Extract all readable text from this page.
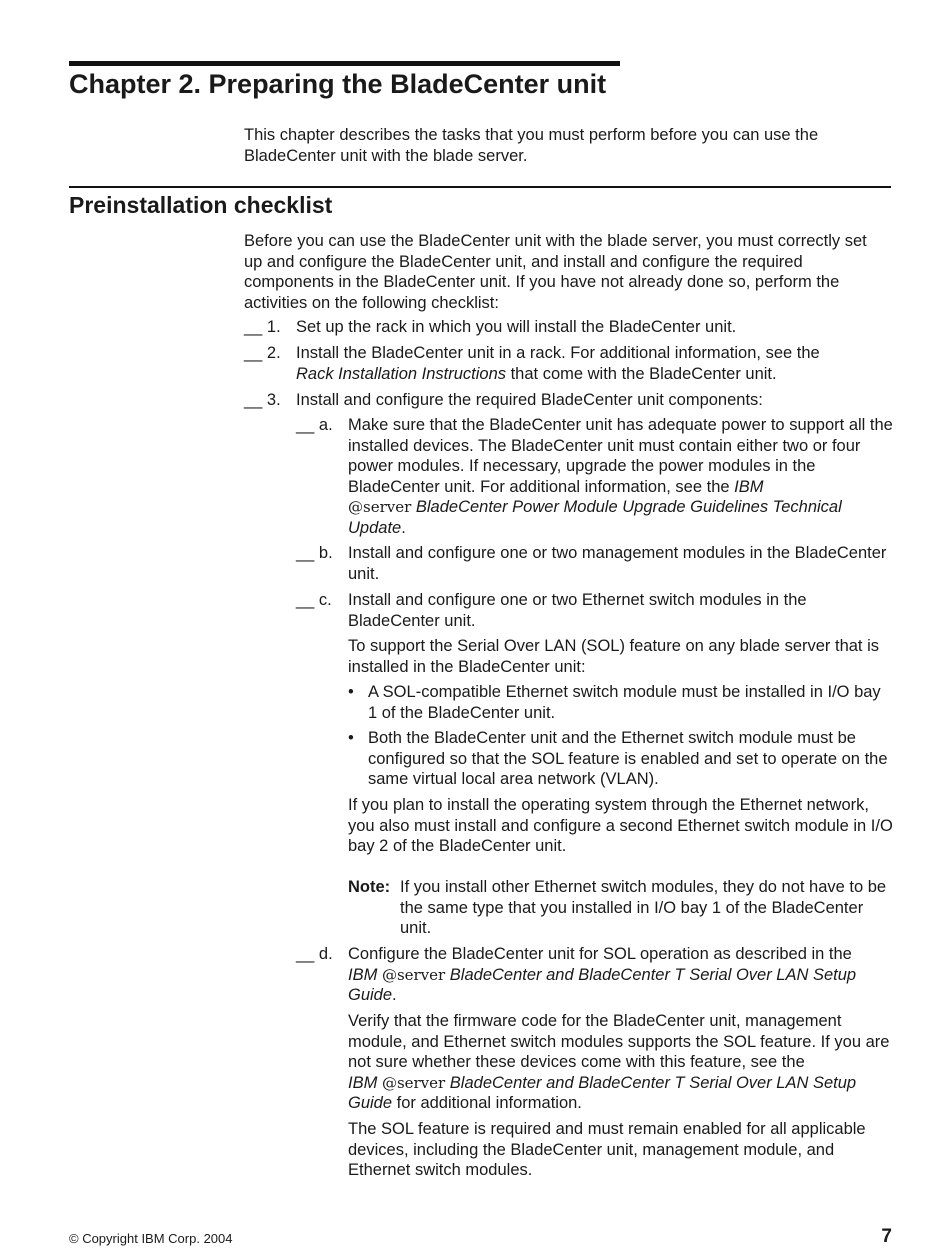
Chapter 2. Preparing the BladeCenter unit

This chapter describes the tasks that you must perform before you can use the BladeCenter unit with the blade server.

Preinstallation checklist

Before you can use the BladeCenter unit with the blade server, you must correctly set up and configure the BladeCenter unit, and install and configure the required components in the BladeCenter unit. If you have not already done so, perform the activities on the following checklist:

__ 1. Set up the rack in which you will install the BladeCenter unit.
__ 2. Install the BladeCenter unit in a rack. For additional information, see the
Rack Installation Instructions that come with the BladeCenter unit.
__ 3. Install and configure the required BladeCenter unit components:
__ a. Make sure that the BladeCenter unit has adequate power to support all the installed devices. The BladeCenter unit must contain either two or four power modules. If necessary, upgrade the power modules in the BladeCenter unit. For additional information, see the IBM
@server BladeCenter Power Module Upgrade Guidelines Technical Update.
__ b. Install and configure one or two management modules in the BladeCenter unit.
__ c. Install and configure one or two Ethernet switch modules in the BladeCenter unit.

To support the Serial Over LAN (SOL) feature on any blade server that is installed in the BladeCenter unit:

• A SOL-compatible Ethernet switch module must be installed in I/O bay 1 of the BladeCenter unit.
• Both the BladeCenter unit and the Ethernet switch module must be configured so that the SOL feature is enabled and set to operate on the same virtual local area network (VLAN).

If you plan to install the operating system through the Ethernet network, you also must install and configure a second Ethernet switch module in I/O bay 2 of the BladeCenter unit.

Note: If you install other Ethernet switch modules, they do not have to be the same type that you installed in I/O bay 1 of the BladeCenter unit.
__ d. Configure the BladeCenter unit for SOL operation as described in the
IBM @server BladeCenter and BladeCenter T Serial Over LAN Setup Guide.

Verify that the firmware code for the BladeCenter unit, management module, and Ethernet switch modules supports the SOL feature. If you are not sure whether these devices come with this feature, see the
IBM @server BladeCenter and BladeCenter T Serial Over LAN Setup Guide for additional information.

The SOL feature is required and must remain enabled for all applicable devices, including the BladeCenter unit, management module, and Ethernet switch modules.

© Copyright IBM Corp. 2004	7
